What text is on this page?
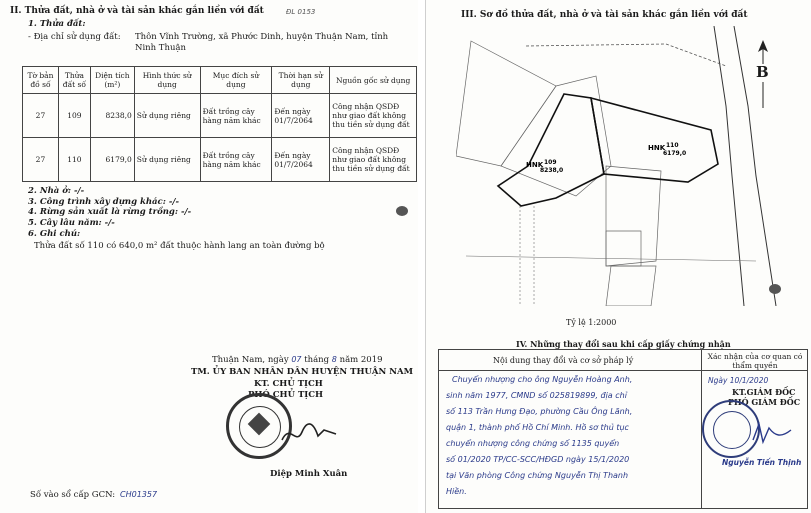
II. Thửa đất, nhà ở và tài sản khác gắn liền với đất	ĐL 0153
1. Thửa đất:
- Địa chỉ sử dụng đất: Thôn Vĩnh Trường, xã Phước Dinh, huyện Thuận Nam, tỉnh
Ninh Thuận
Tờ bản đồ số	Thửa đất số	Diện tích (m²)	Hình thức sử dụng	Mục đích sử dụng	Thời hạn sử dụng	Nguồn gốc sử dụng
27	109	8238,0	Sử dụng riêng	Đất trồng cây hàng năm khác	Đến ngày 01/7/2064	Công nhận QSDĐ như giao đất không thu tiền sử dụng đất
27	110	6179,0	Sử dụng riêng	Đất trồng cây hàng năm khác	Đến ngày 01/7/2064	Công nhận QSDĐ như giao đất không thu tiền sử dụng đất
2. Nhà ở: -/-
3. Công trình xây dựng khác: -/-
4. Rừng sản xuất là rừng trồng: -/-
5. Cây lâu năm: -/-
6. Ghi chú:
Thửa đất số 110 có 640,0 m² đất thuộc hành lang an toàn đường bộ
Thuận Nam, ngày 07 tháng 8 năm 2019
TM. ỦY BAN NHÂN DÂN HUYỆN THUẬN NAM
KT. CHỦ TỊCH
PHÓ CHỦ TỊCH
Diệp Minh Xuân
Số vào sổ cấp GCN: CH01357
III. Sơ đồ thửa đất, nhà ở và tài sản khác gắn liền với đất
HNK 109
8238,0
HNK 110
6179,0
B
Tỷ lệ 1:2000
IV. Những thay đổi sau khi cấp giấy chứng nhận
Nội dung thay đổi và cơ sở pháp lý	Xác nhận của cơ quan có thẩm quyền
Chuyển nhượng cho ông Nguyễn Hoàng Anh,
sinh năm 1977, CMND số 025819899, địa chỉ
số 113 Trần Hưng Đạo, phường Cầu Ông Lãnh,
quận 1, thành phố Hồ Chí Minh. Hồ sơ thủ tục
chuyển nhượng công chứng số 1135 quyển
số 01/2020 TP/CC-SCC/HĐGD ngày 15/1/2020
tại Văn phòng Công chứng Nguyễn Thị Thanh
Hiền.
Ngày 10/1/2020
KT.GIÁM ĐỐC
PHÓ GIÁM ĐỐC
Nguyễn Tiến Thịnh
